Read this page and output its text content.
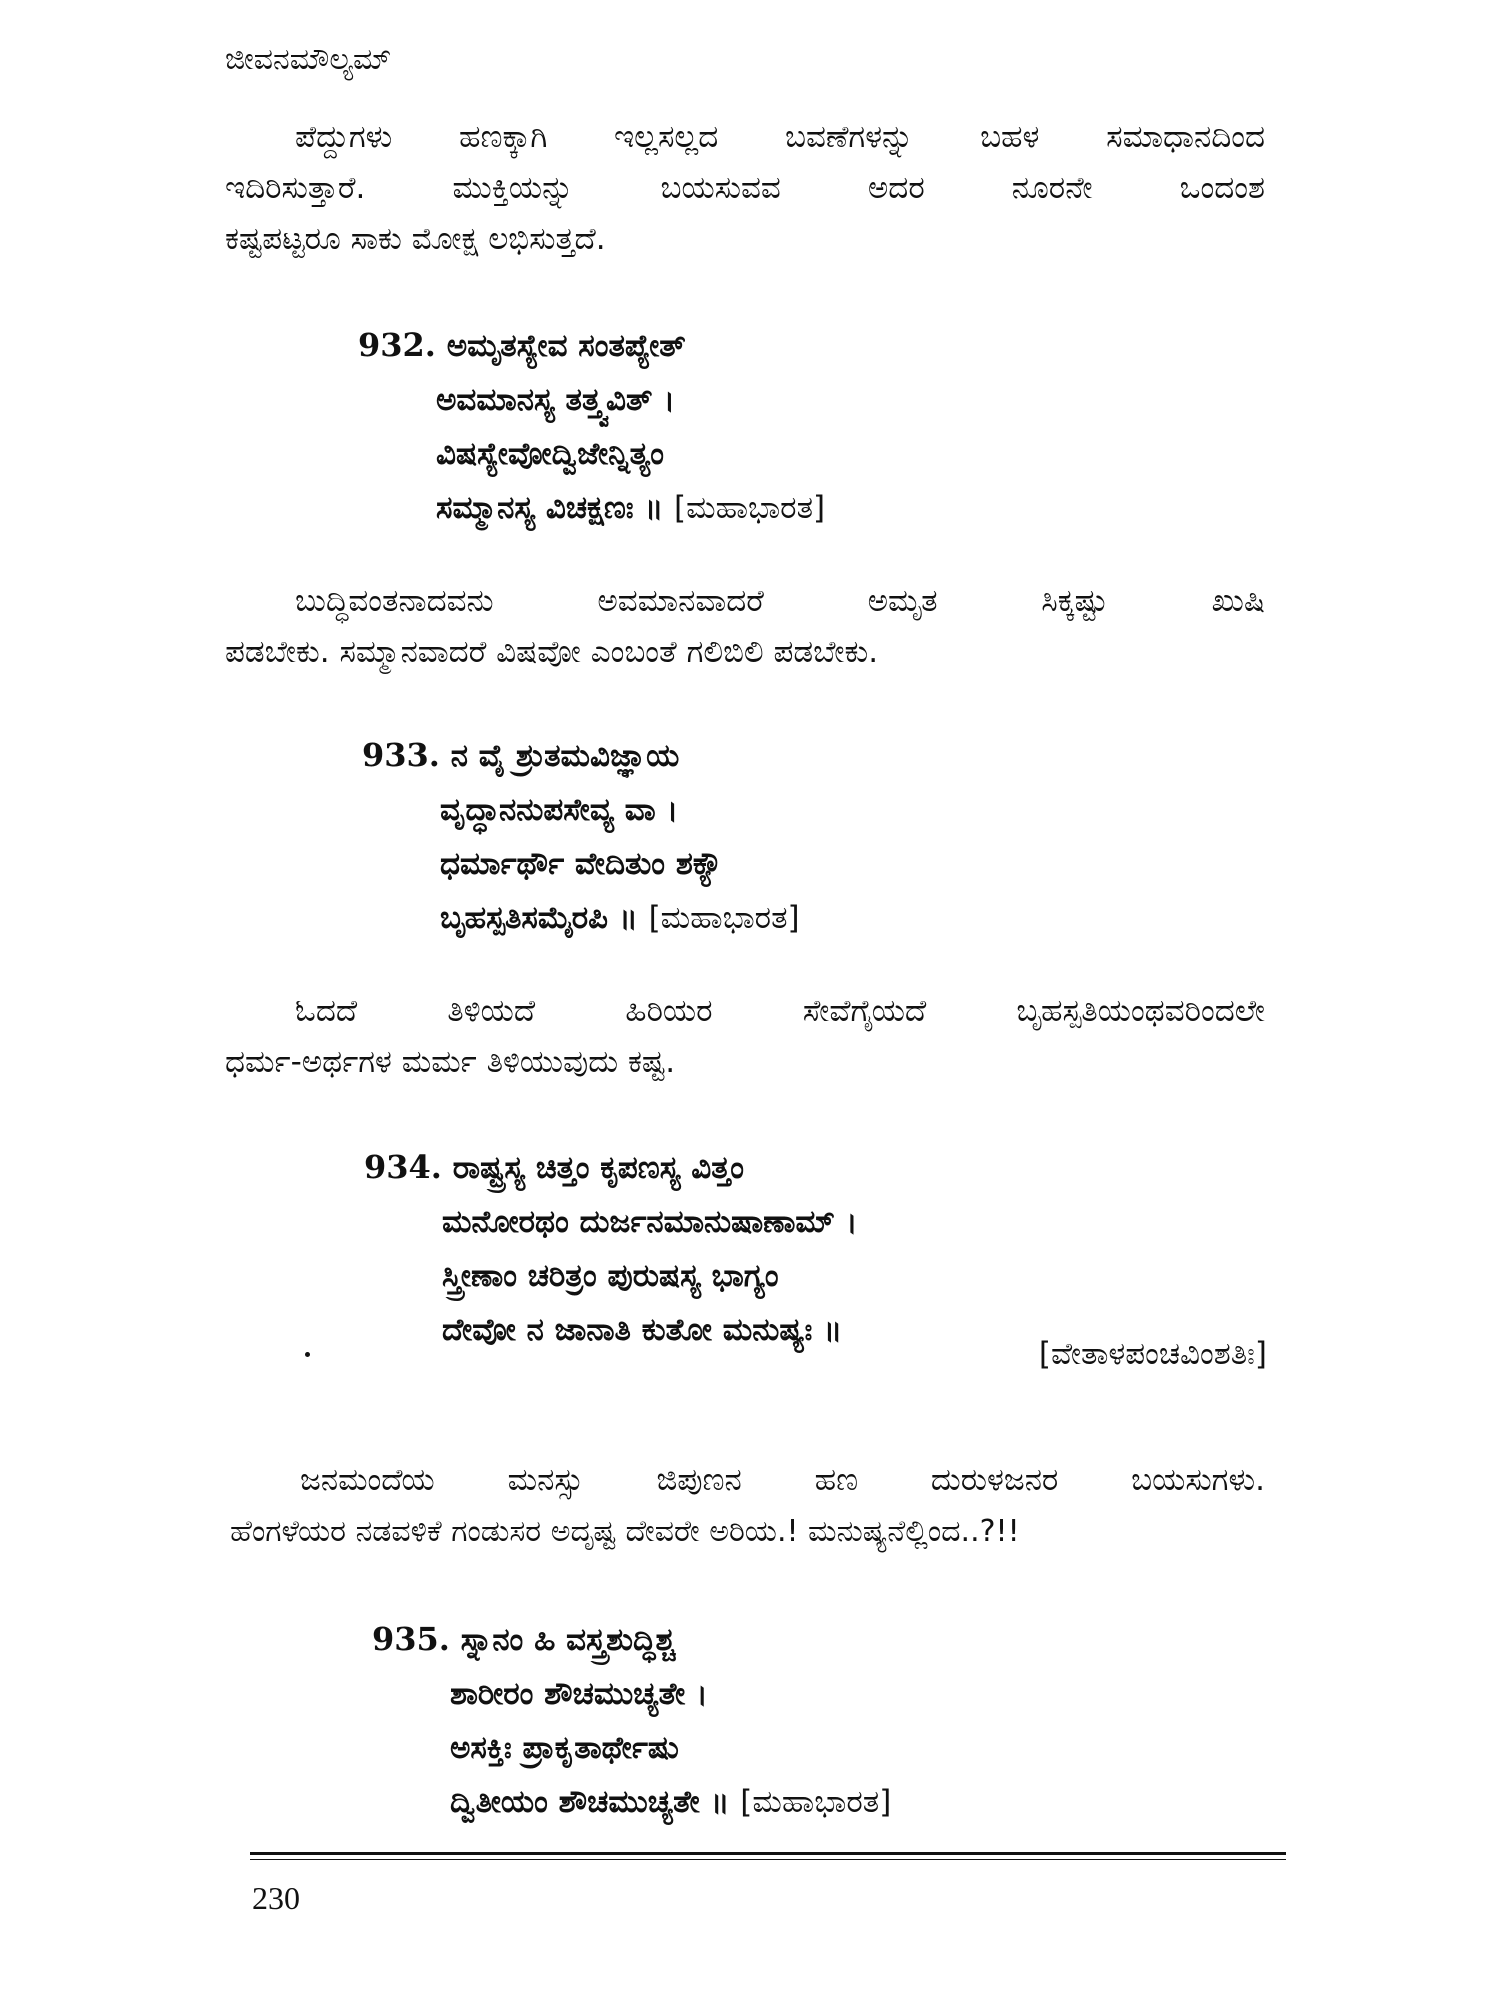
ಜೀವನಮೌಲ್ಯಮ್
ಪೆದ್ದುಗಳು ಹಣಕ್ಕಾಗಿ ಇಲ್ಲಸಲ್ಲದ ಬವಣೆಗಳನ್ನು ಬಹಳ ಸಮಾಧಾನದಿಂದ
ಇದಿರಿಸುತ್ತಾರೆ. ಮುಕ್ತಿಯನ್ನು ಬಯಸುವವ ಅದರ ನೂರನೇ ಒಂದಂಶ
ಕಷ್ಟಪಟ್ಟರೂ ಸಾಕು ಮೋಕ್ಷ ಲಭಿಸುತ್ತದೆ.
932. ಅಮೃತಸ್ಯೇವ ಸಂತಪ್ಯೇತ್
ಅವಮಾನಸ್ಯ ತತ್ತ್ವವಿತ್ ।
ವಿಷಸ್ಯೇವೋದ್ವಿಜೇನ್ನಿತ್ಯಂ
ಸಮ್ಮಾನಸ್ಯ ವಿಚಕ್ಷಣಃ ॥ [ಮಹಾಭಾರತ]
ಬುದ್ಧಿವಂತನಾದವನು ಅವಮಾನವಾದರೆ ಅಮೃತ ಸಿಕ್ಕಷ್ಟು ಖುಷಿ
ಪಡಬೇಕು. ಸಮ್ಮಾನವಾದರೆ ವಿಷವೋ ಎಂಬಂತೆ ಗಲಿಬಿಲಿ ಪಡಬೇಕು.
933. ನ ವೈ ಶ್ರುತಮವಿಜ್ಞಾಯ
ವೃದ್ಧಾನನುಪಸೇವ್ಯ ವಾ ।
ಧರ್ಮಾರ್ಥೌ ವೇದಿತುಂ ಶಕ್ಯೌ
ಬೃಹಸ್ಪತಿಸಮೈರಪಿ ॥ [ಮಹಾಭಾರತ]
ಓದದೆ ತಿಳಿಯದೆ ಹಿರಿಯರ ಸೇವೆಗೈಯದೆ ಬೃಹಸ್ಪತಿಯಂಥವರಿಂದಲೇ
ಧರ್ಮ-ಅರ್ಥಗಳ ಮರ್ಮ ತಿಳಿಯುವುದು ಕಷ್ಟ.
934. ರಾಷ್ಟ್ರಸ್ಯ ಚಿತ್ತಂ ಕೃಪಣಸ್ಯ ವಿತ್ತಂ
ಮನೋರಥಂ ದುರ್ಜನಮಾನುಷಾಣಾಮ್ ।
ಸ್ತ್ರೀಣಾಂ ಚರಿತ್ರಂ ಪುರುಷಸ್ಯ ಭಾಗ್ಯಂ
ದೇವೋ ನ ಜಾನಾತಿ ಕುತೋ ಮನುಷ್ಯಃ ॥
[ವೇತಾಳಪಂಚವಿಂಶತಿಃ]
ಜನಮಂದೆಯ ಮನಸ್ಸು ಜಿಪುಣನ ಹಣ ದುರುಳಜನರ ಬಯಸುಗಳು.
ಹೆಂಗಳೆಯರ ನಡವಳಿಕೆ ಗಂಡುಸರ ಅದೃಷ್ಟ ದೇವರೇ ಅರಿಯ.! ಮನುಷ್ಯನೆಲ್ಲಿಂದ..?!!
935. ಸ್ನಾನಂ ಹಿ ವಸ್ತ್ರಶುದ್ಧಿಶ್ಚ
ಶಾರೀರಂ ಶೌಚಮುಚ್ಯತೇ ।
ಅಸಕ್ತಿಃ ಪ್ರಾಕೃತಾರ್ಥೇಷು
ದ್ವಿತೀಯಂ ಶೌಚಮುಚ್ಯತೇ ॥ [ಮಹಾಭಾರತ]
230
